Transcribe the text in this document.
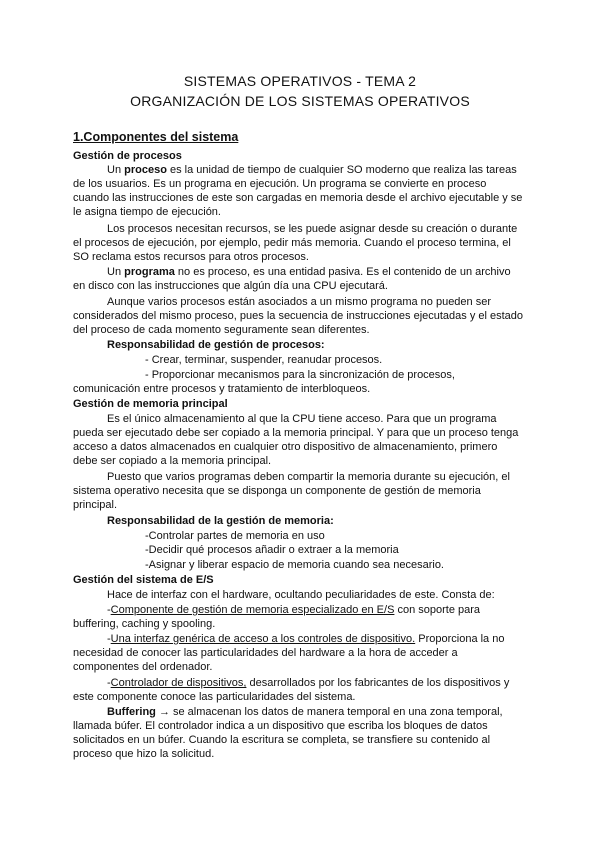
SISTEMAS OPERATIVOS - TEMA 2
ORGANIZACIÓN DE LOS SISTEMAS OPERATIVOS
1.Componentes del sistema
Gestión de procesos
Un proceso es la unidad de tiempo de cualquier SO moderno que realiza las tareas
de los usuarios. Es un programa en ejecución. Un programa se convierte en proceso
cuando las instrucciones de este son cargadas en memoria desde el archivo ejecutable y se
le asigna tiempo de ejecución.
Los procesos necesitan recursos, se les puede asignar desde su creación o durante
el procesos de ejecución, por ejemplo, pedir más memoria. Cuando el proceso termina, el
SO reclama estos recursos para otros procesos.
Un programa no es proceso, es una entidad pasiva. Es el contenido de un archivo
en disco con las instrucciones que algún día una CPU ejecutará.
Aunque varios procesos están asociados a un mismo programa no pueden ser
considerados del mismo proceso, pues la secuencia de instrucciones ejecutadas y el estado
del proceso de cada momento seguramente sean diferentes.
Responsabilidad de gestión de procesos:
- Crear, terminar, suspender, reanudar procesos.
- Proporcionar mecanismos para la sincronización de procesos,
comunicación entre procesos y tratamiento de interbloqueos.
Gestión de memoria principal
Es el único almacenamiento al que la CPU tiene acceso. Para que un programa
pueda ser ejecutado debe ser copiado a la memoria principal. Y para que un proceso tenga
acceso a datos almacenados en cualquier otro dispositivo de almacenamiento, primero
debe ser copiado a la memoria principal.
Puesto que varios programas deben compartir la memoria durante su ejecución, el
sistema operativo necesita que se disponga un componente de gestión de memoria
principal.
Responsabilidad de la gestión de memoria:
-Controlar partes de memoria en uso
-Decidir qué procesos añadir o extraer a la memoria
-Asignar y liberar espacio de memoria cuando sea necesario.
Gestión del sistema de E/S
Hace de interfaz con el hardware, ocultando peculiaridades de este. Consta de:
-Componente de gestión de memoria especializado en E/S con soporte para
buffering, caching y spooling.
-Una interfaz genérica de acceso a los controles de dispositivo. Proporciona la no
necesidad de conocer las particularidades del hardware a la hora de acceder a
componentes del ordenador.
-Controlador de dispositivos, desarrollados por los fabricantes de los dispositivos y
este componente conoce las particularidades del sistema.
Buffering → se almacenan los datos de manera temporal en una zona temporal,
llamada búfer. El controlador indica a un dispositivo que escriba los bloques de datos
solicitados en un búfer. Cuando la escritura se completa, se transfiere su contenido al
proceso que hizo la solicitud.
